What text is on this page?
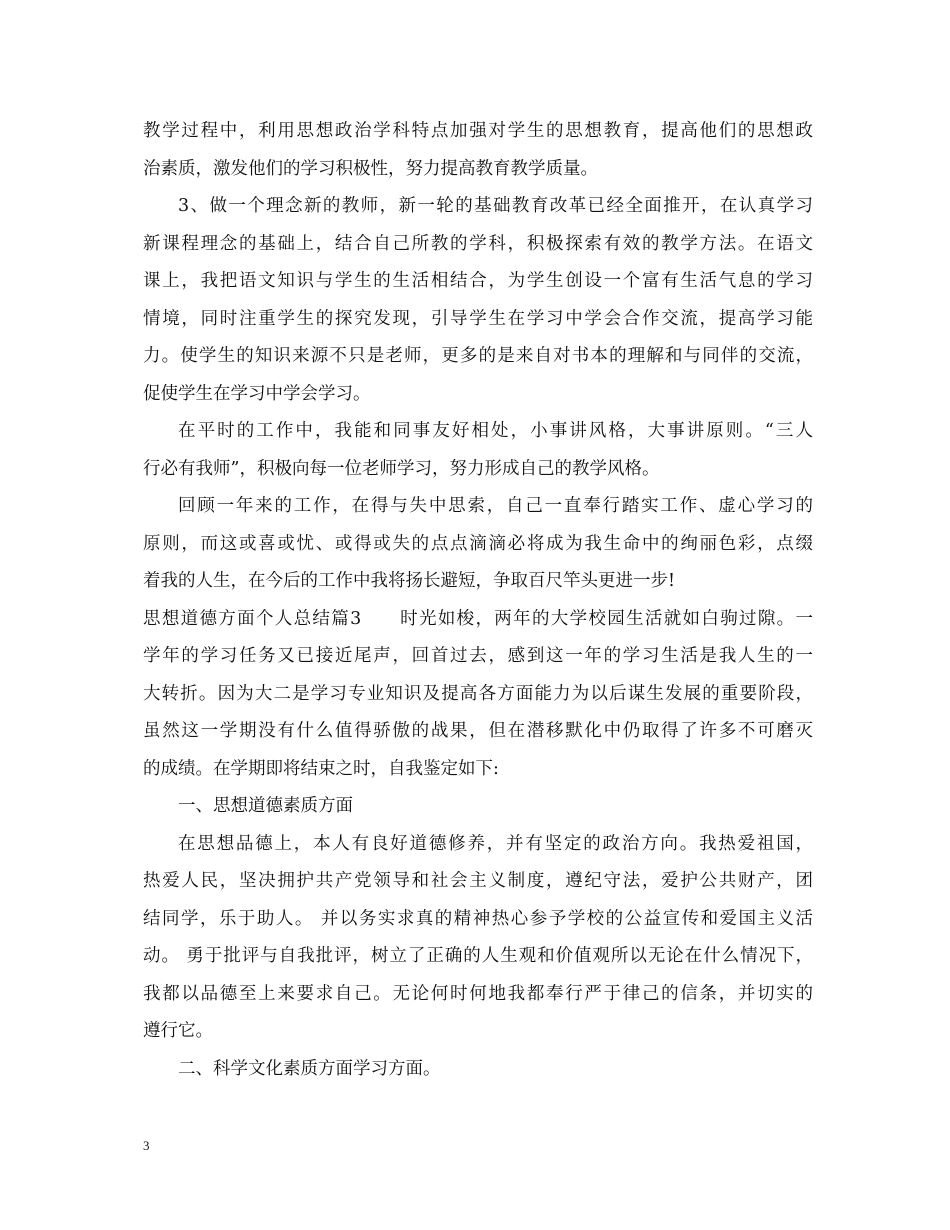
教学过程中，利用思想政治学科特点加强对学生的思想教育，提高他们的思想政
治素质，激发他们的学习积极性，努力提高教育教学质量。
3、做一个理念新的教师，新一轮的基础教育改革已经全面推开，在认真学习
新课程理念的基础上，结合自己所教的学科，积极探索有效的教学方法。在语文
课上，我把语文知识与学生的生活相结合，为学生创设一个富有生活气息的学习
情境，同时注重学生的探究发现，引导学生在学习中学会合作交流，提高学习能
力。使学生的知识来源不只是老师，更多的是来自对书本的理解和与同伴的交流，
促使学生在学习中学会学习。
在平时的工作中，我能和同事友好相处，小事讲风格，大事讲原则。“三人
行必有我师”，积极向每一位老师学习，努力形成自己的教学风格。
回顾一年来的工作，在得与失中思索，自己一直奉行踏实工作、虚心学习的
原则，而这或喜或忧、或得或失的点点滴滴必将成为我生命中的绚丽色彩，点缀
着我的人生，在今后的工作中我将扬长避短，争取百尺竿头更进一步!
思想道德方面个人总结篇3　　时光如梭，两年的大学校园生活就如白驹过隙。一
学年的学习任务又已接近尾声，回首过去，感到这一年的学习生活是我人生的一
大转折。因为大二是学习专业知识及提高各方面能力为以后谋生发展的重要阶段，
虽然这一学期没有什么值得骄傲的战果，但在潜移默化中仍取得了许多不可磨灭
的成绩。在学期即将结束之时，自我鉴定如下:
一、思想道德素质方面
在思想品德上，本人有良好道德修养，并有坚定的政治方向。我热爱祖国，
热爱人民，坚决拥护共产党领导和社会主义制度，遵纪守法，爱护公共财产，团
结同学，乐于助人。 并以务实求真的精神热心参予学校的公益宣传和爱国主义活
动。 勇于批评与自我批评，树立了正确的人生观和价值观所以无论在什么情况下，
我都以品德至上来要求自己。无论何时何地我都奉行严于律己的信条，并切实的
遵行它。
二、科学文化素质方面学习方面。
3
